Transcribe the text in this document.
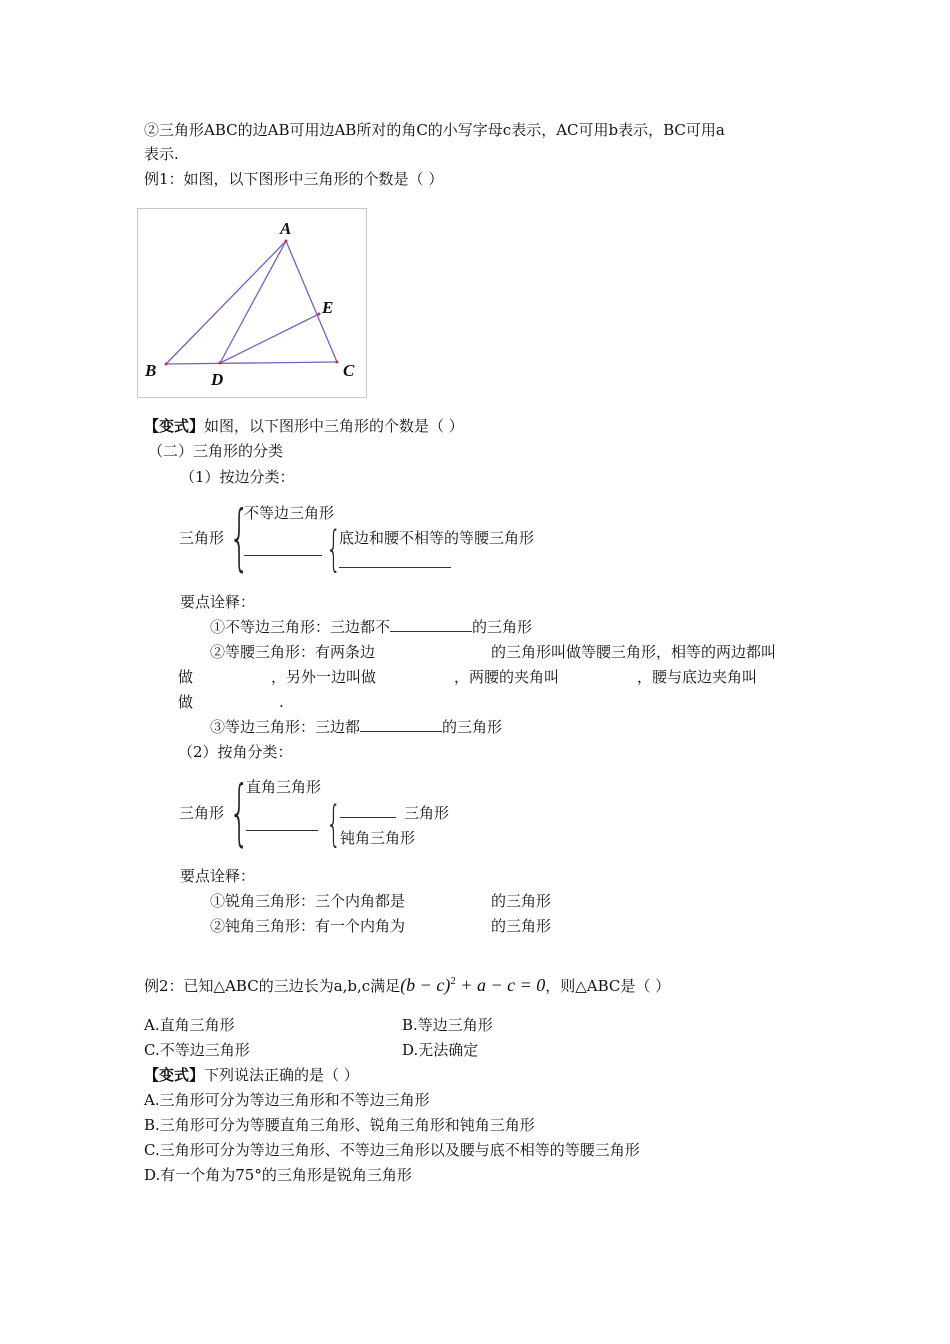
②三角形ABC的边AB可用边AB所对的角C的小写字母c表示，AC可用b表示，BC可用a
表示.
例1：如图，以下图形中三角形的个数是（ ）
A
B	C
D
E
【变式】如图，以下图形中三角形的个数是（ ）
（二）三角形的分类
（1）按边分类：
三角形 {
不等边三角形
{
底边和腰不相等的等腰三角形
要点诠释：
①不等边三角形：三边都不	的三角形
②等腰三角形：有两条边	的三角形叫做等腰三角形，相等的两边都叫
做	，另外一边叫做	，两腰的夹角叫	，腰与底边夹角叫
做	.
③等边三角形：三边都	的三角形
（2）按角分类：
三角形 {
直角三角形
{	三角形
钝角三角形
要点诠释：
①锐角三角形：三个内角都是	的三角形
②钝角三角形：有一个内角为	的三角形
例2：已知△ABC的三边长为a,b,c满足$(b - c)^2 + a - c = 0$，则△ABC是（ ）
A.直角三角形	B.等边三角形
C.不等边三角形	D.无法确定
【变式】下列说法正确的是（ ）
A.三角形可分为等边三角形和不等边三角形
B.三角形可分为等腰直角三角形、锐角三角形和钝角三角形
C.三角形可分为等边三角形、不等边三角形以及腰与底不相等的等腰三角形
D.有一个角为75°的三角形是锐角三角形
